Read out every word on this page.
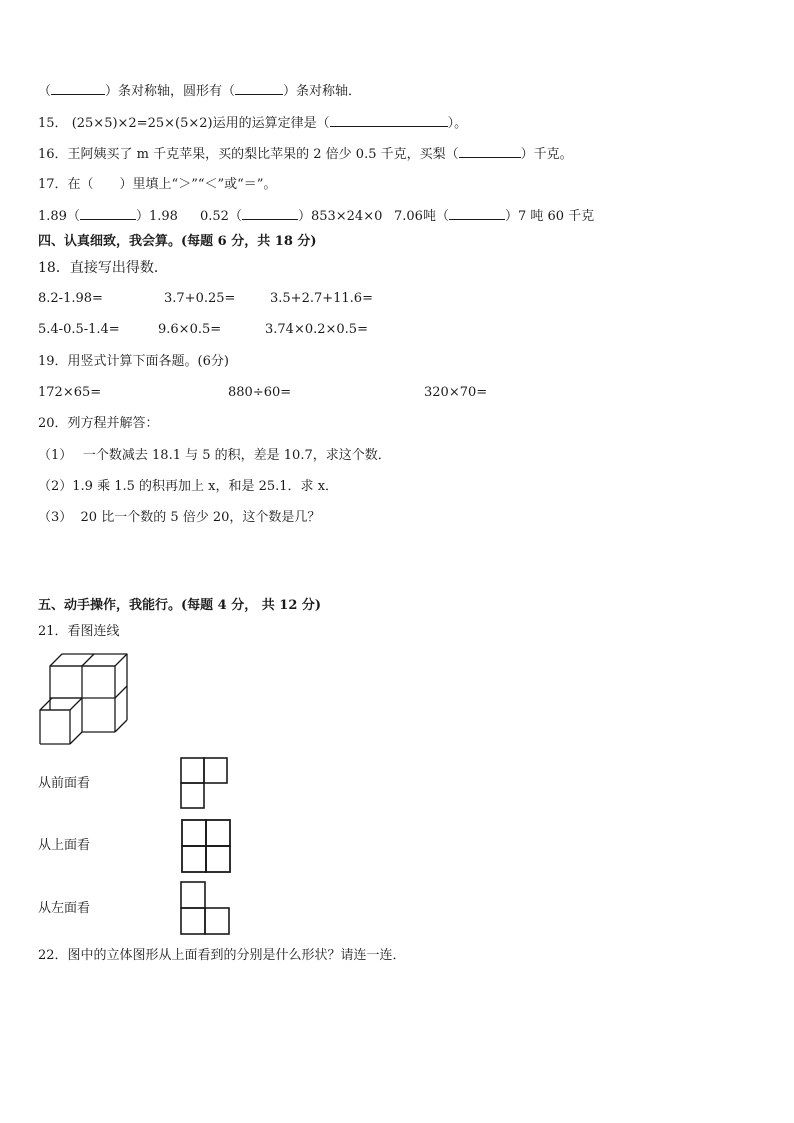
（	）条对称轴，圆形有（	）条对称轴．
15． (25×5)×2=25×(5×2)运用的运算定律是（	）。
16．王阿姨买了 m 千克苹果，买的梨比苹果的 2 倍少 0.5 千克，买梨（	）千克。
17．在（　　）里填上“＞”“＜”或“＝”。
1.89（	）1.98 0.52（	）853×24×0 7.06吨（	）7 吨 60 千克
四、认真细致，我会算。(每题 6 分，共 18 分)
18．直接写出得数．
8.2-1.98=	3.7+0.25=	3.5+2.7+11.6=
5.4-0.5-1.4=	9.6×0.5=	3.74×0.2×0.5=
19．用竖式计算下面各题。(6分)
172×65=	880÷60=	320×70=
20．列方程并解答：
（1）　 一个数减去 18.1 与 5 的积，差是 10.7，求这个数．
（2）1.9 乘 1.5 的积再加上 x，和是 25.1．求 x．
（3）  20 比一个数的 5 倍少 20，这个数是几？
五、动手操作，我能行。(每题 4 分， 共 12 分)
21．看图连线
从前面看
从上面看
从左面看
22．图中的立体图形从上面看到的分别是什么形状？请连一连．
